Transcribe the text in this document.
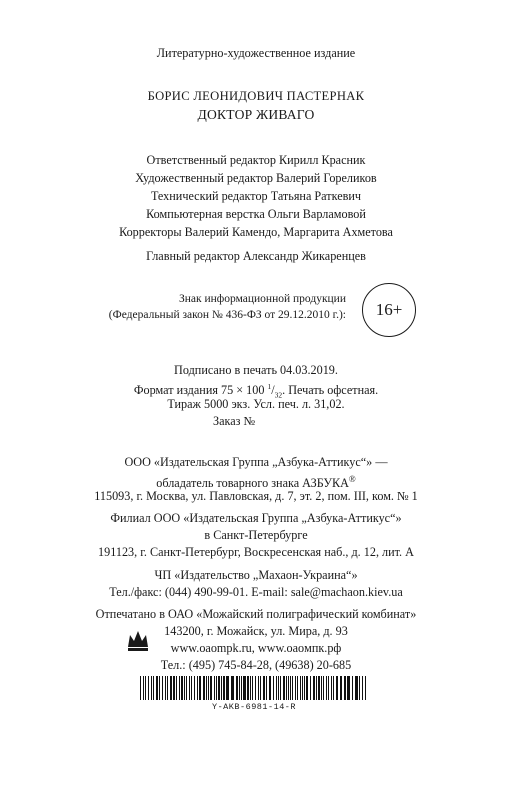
Литературно-художественное издание
БОРИС ЛЕОНИДОВИЧ ПАСТЕРНАК
ДОКТОР ЖИВАГО
Ответственный редактор Кирилл Красник
Художественный редактор Валерий Гореликов
Технический редактор Татьяна Раткевич
Компьютерная верстка Ольги Варламовой
Корректоры Валерий Камендо, Маргарита Ахметова
Главный редактор Александр Жикаренцев
Знак информационной продукции
(Федеральный закон № 436-ФЗ от 29.12.2010 г.): 16+
Подписано в печать 04.03.2019.
Формат издания 75 × 100 $^1/_{32}$. Печать офсетная.
Тираж 5000 экз. Усл. печ. л. 31,02.
Заказ №
ООО «Издательская Группа „Азбука-Аттикус“» —
обладатель товарного знака АЗБУКА®
115093, г. Москва, ул. Павловская, д. 7, эт. 2, пом. III, ком. № 1
Филиал ООО «Издательская Группа „Азбука-Аттикус“»
в Санкт-Петербурге
191123, г. Санкт-Петербург, Воскресенская наб., д. 12, лит. А
ЧП «Издательство „Махаон-Украина“»
Тел./факс: (044) 490-99-01. E-mail: sale@machaon.kiev.ua
Отпечатано в ОАО «Можайский полиграфический комбинат»
143200, г. Можайск, ул. Мира, д. 93
www.oaompk.ru, www.oaoмпк.рф
Тел.: (495) 745-84-28, (49638) 20-685
Y-AKB-6981-14-R
